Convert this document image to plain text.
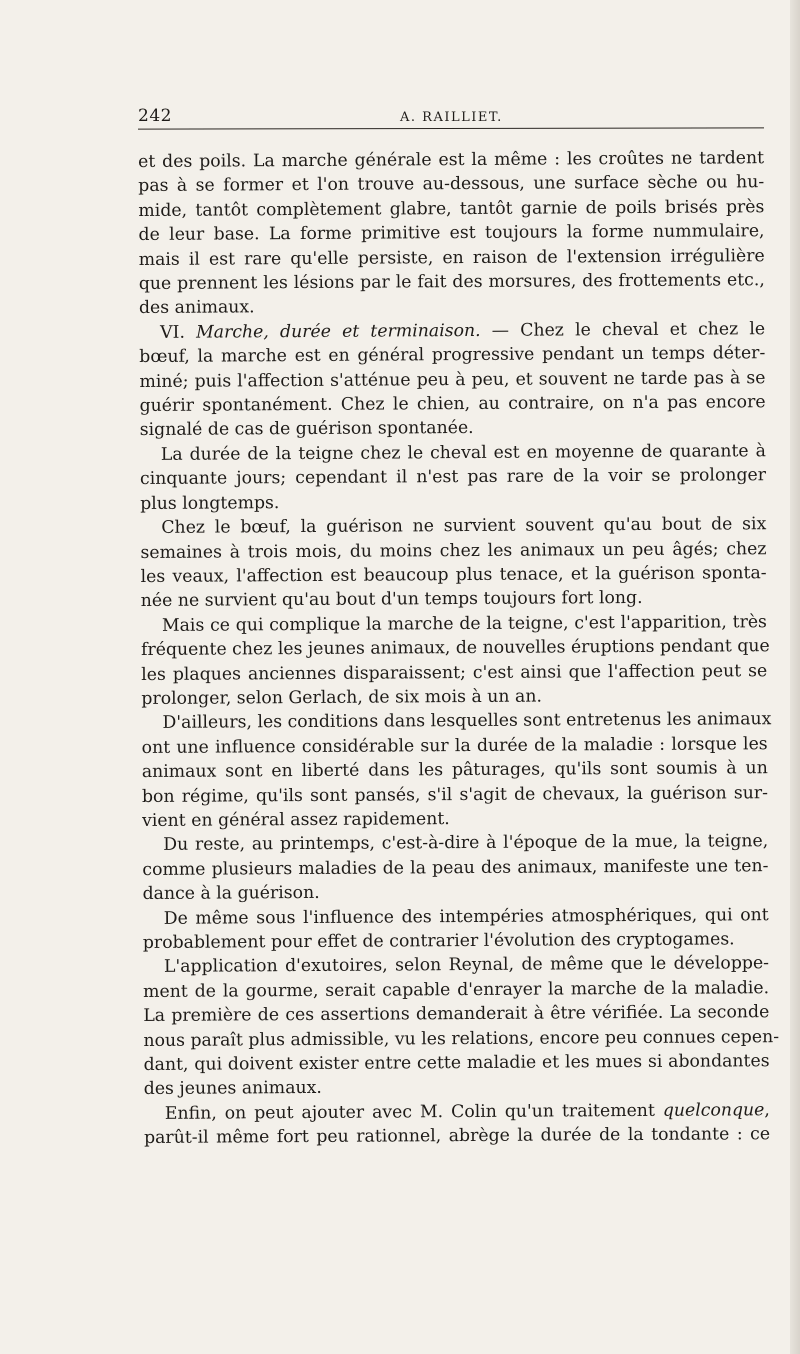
242	A. RAILLIET.

et des poils. La marche générale est la même : les croûtes ne tardent
pas à se former et l'on trouve au-dessous, une surface sèche ou hu-
mide, tantôt complètement glabre, tantôt garnie de poils brisés près
de leur base. La forme primitive est toujours la forme nummulaire,
mais il est rare qu'elle persiste, en raison de l'extension irrégulière
que prennent les lésions par le fait des morsures, des frottements etc.,
des animaux.

VI. Marche, durée et terminaison. — Chez le cheval et chez le
bœuf, la marche est en général progressive pendant un temps déter-
miné; puis l'affection s'atténue peu à peu, et souvent ne tarde pas à se
guérir spontanément. Chez le chien, au contraire, on n'a pas encore
signalé de cas de guérison spontanée.

La durée de la teigne chez le cheval est en moyenne de quarante à
cinquante jours; cependant il n'est pas rare de la voir se prolonger
plus longtemps.

Chez le bœuf, la guérison ne survient souvent qu'au bout de six
semaines à trois mois, du moins chez les animaux un peu âgés; chez
les veaux, l'affection est beaucoup plus tenace, et la guérison sponta-
née ne survient qu'au bout d'un temps toujours fort long.

Mais ce qui complique la marche de la teigne, c'est l'apparition, très
fréquente chez les jeunes animaux, de nouvelles éruptions pendant que
les plaques anciennes disparaissent; c'est ainsi que l'affection peut se
prolonger, selon Gerlach, de six mois à un an.

D'ailleurs, les conditions dans lesquelles sont entretenus les animaux
ont une influence considérable sur la durée de la maladie : lorsque les
animaux sont en liberté dans les pâturages, qu'ils sont soumis à un
bon régime, qu'ils sont pansés, s'il s'agit de chevaux, la guérison sur-
vient en général assez rapidement.

Du reste, au printemps, c'est-à-dire à l'époque de la mue, la teigne,
comme plusieurs maladies de la peau des animaux, manifeste une ten-
dance à la guérison.

De même sous l'influence des intempéries atmosphériques, qui ont
probablement pour effet de contrarier l'évolution des cryptogames.

L'application d'exutoires, selon Reynal, de même que le développe-
ment de la gourme, serait capable d'enrayer la marche de la maladie.
La première de ces assertions demanderait à être vérifiée. La seconde
nous paraît plus admissible, vu les relations, encore peu connues cepen-
dant, qui doivent exister entre cette maladie et les mues si abondantes
des jeunes animaux.

Enfin, on peut ajouter avec M. Colin qu'un traitement quelconque,
parût-il même fort peu rationnel, abrège la durée de la tondante : ce
